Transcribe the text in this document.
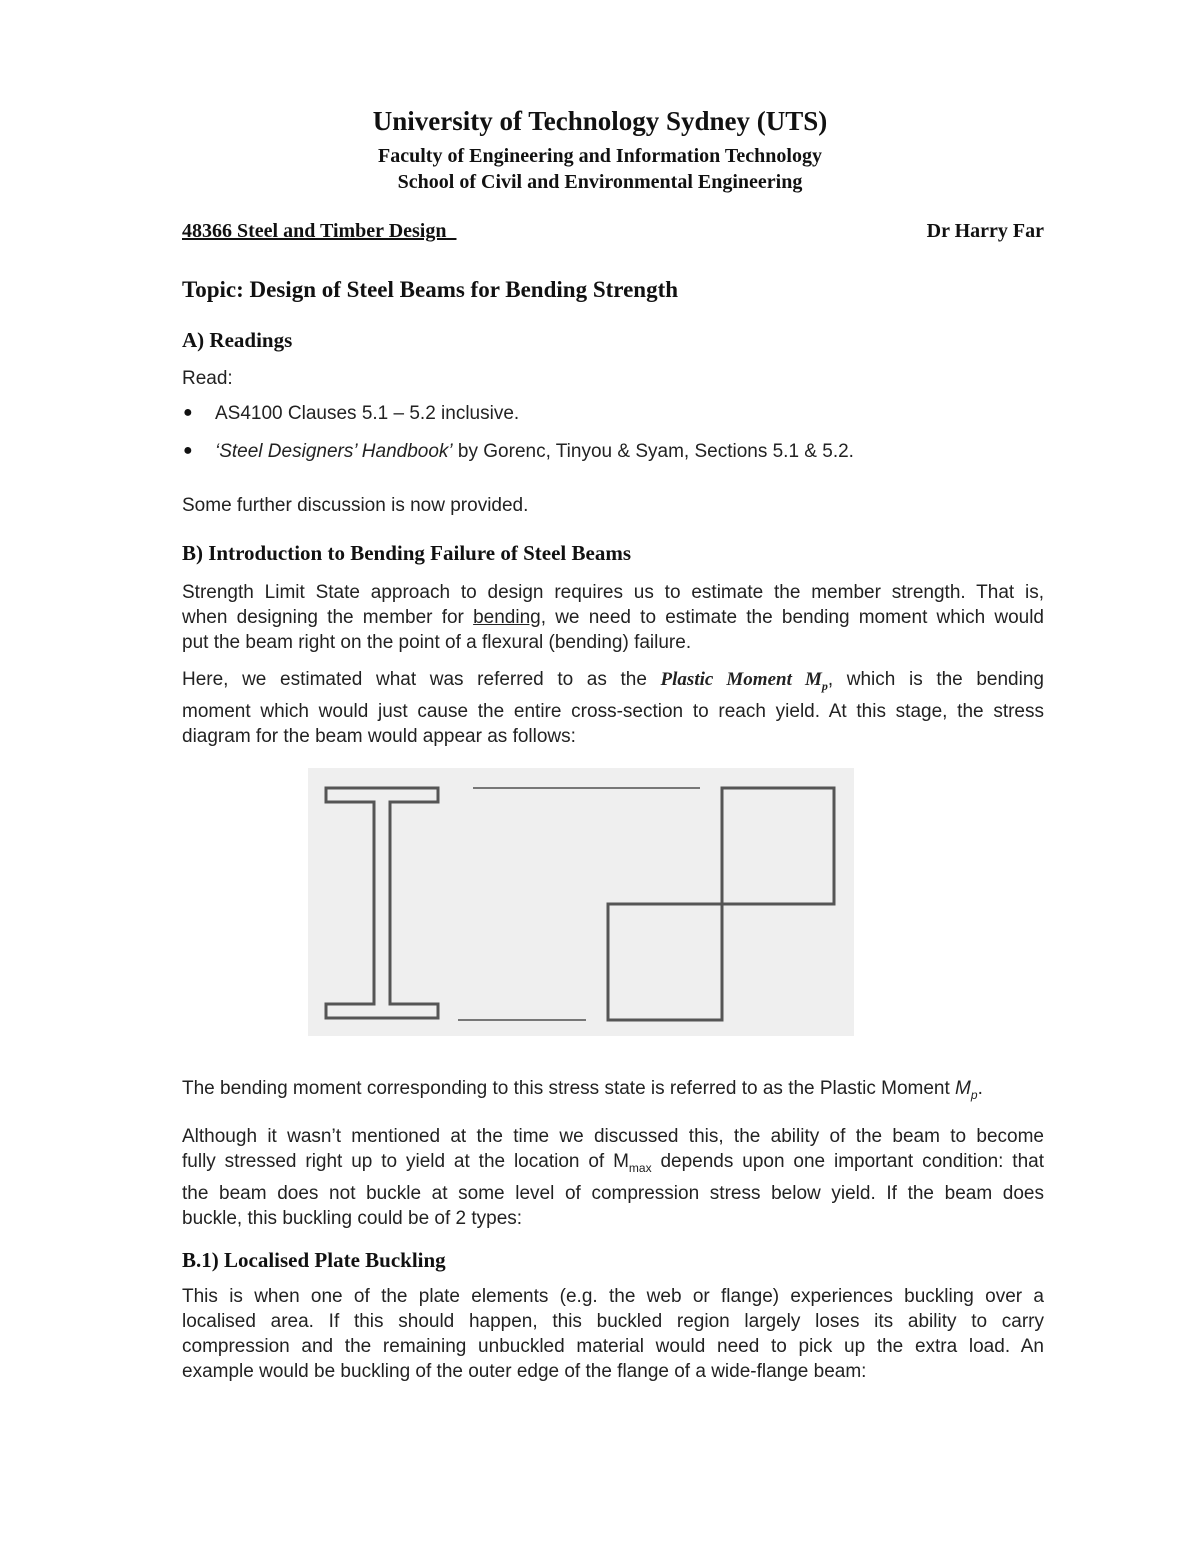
University of Technology Sydney (UTS)
Faculty of Engineering and Information Technology
School of Civil and Environmental Engineering
48366 Steel and Timber Design	Dr Harry Far
Topic: Design of Steel Beams for Bending Strength
A) Readings
Read:
● AS4100 Clauses 5.1 – 5.2 inclusive.
● ‘Steel Designers’ Handbook’ by Gorenc, Tinyou & Syam, Sections 5.1 & 5.2.
Some further discussion is now provided.
B) Introduction to Bending Failure of Steel Beams
Strength Limit State approach to design requires us to estimate the member strength. That is,
when designing the member for bending, we need to estimate the bending moment which would
put the beam right on the point of a flexural (bending) failure.
Here, we estimated what was referred to as the Plastic Moment $M_p$, which is the bending
moment which would just cause the entire cross-section to reach yield. At this stage, the stress
diagram for the beam would appear as follows:
The bending moment corresponding to this stress state is referred to as the Plastic Moment $M_p$.
Although it wasn’t mentioned at the time we discussed this, the ability of the beam to become
fully stressed right up to yield at the location of $M_{max}$ depends upon one important condition: that
the beam does not buckle at some level of compression stress below yield. If the beam does
buckle, this buckling could be of 2 types:
B.1) Localised Plate Buckling
This is when one of the plate elements (e.g. the web or flange) experiences buckling over a
localised area. If this should happen, this buckled region largely loses its ability to carry
compression and the remaining unbuckled material would need to pick up the extra load. An
example would be buckling of the outer edge of the flange of a wide-flange beam:
